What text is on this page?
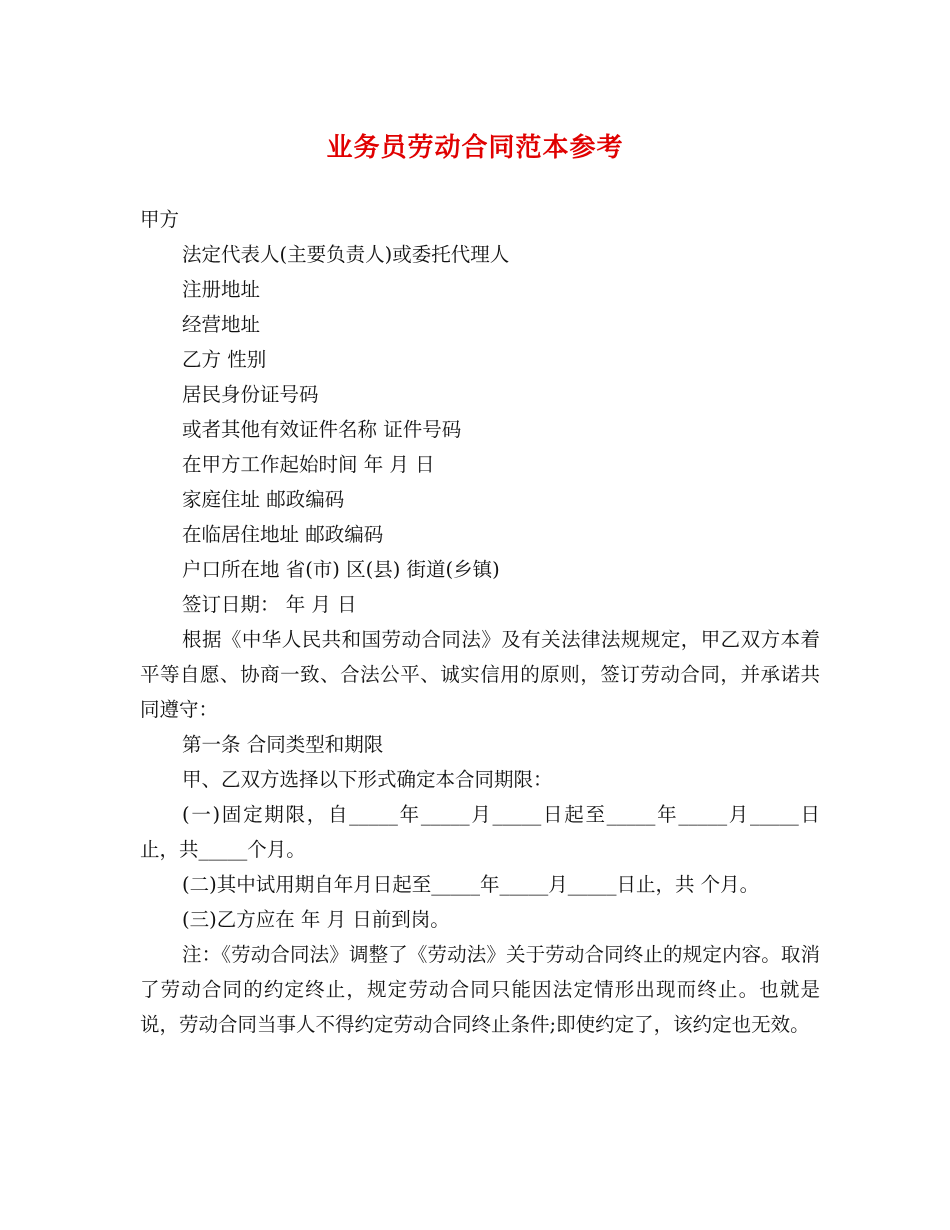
业务员劳动合同范本参考
甲方
法定代表人(主要负责人)或委托代理人
注册地址
经营地址
乙方 性别
居民身份证号码
或者其他有效证件名称 证件号码
在甲方工作起始时间 年 月 日
家庭住址 邮政编码
在临居住地址 邮政编码
户口所在地 省(市) 区(县) 街道(乡镇)
签订日期： 年 月 日

根据《中华人民共和国劳动合同法》及有关法律法规规定，甲乙双方本着平等自愿、协商一致、合法公平、诚实信用的原则，签订劳动合同，并承诺共同遵守：

第一条 合同类型和期限

甲、乙双方选择以下形式确定本合同期限：

(一)固定期限，自_____年_____月_____日起至_____年_____月_____日止，共_____个月。

(二)其中试用期自年月日起至_____年_____月_____日止，共 个月。

(三)乙方应在 年 月 日前到岗。

注：《劳动合同法》调整了《劳动法》关于劳动合同终止的规定内容。取消了劳动合同的约定终止，规定劳动合同只能因法定情形出现而终止。也就是说，劳动合同当事人不得约定劳动合同终止条件;即使约定了，该约定也无效。
